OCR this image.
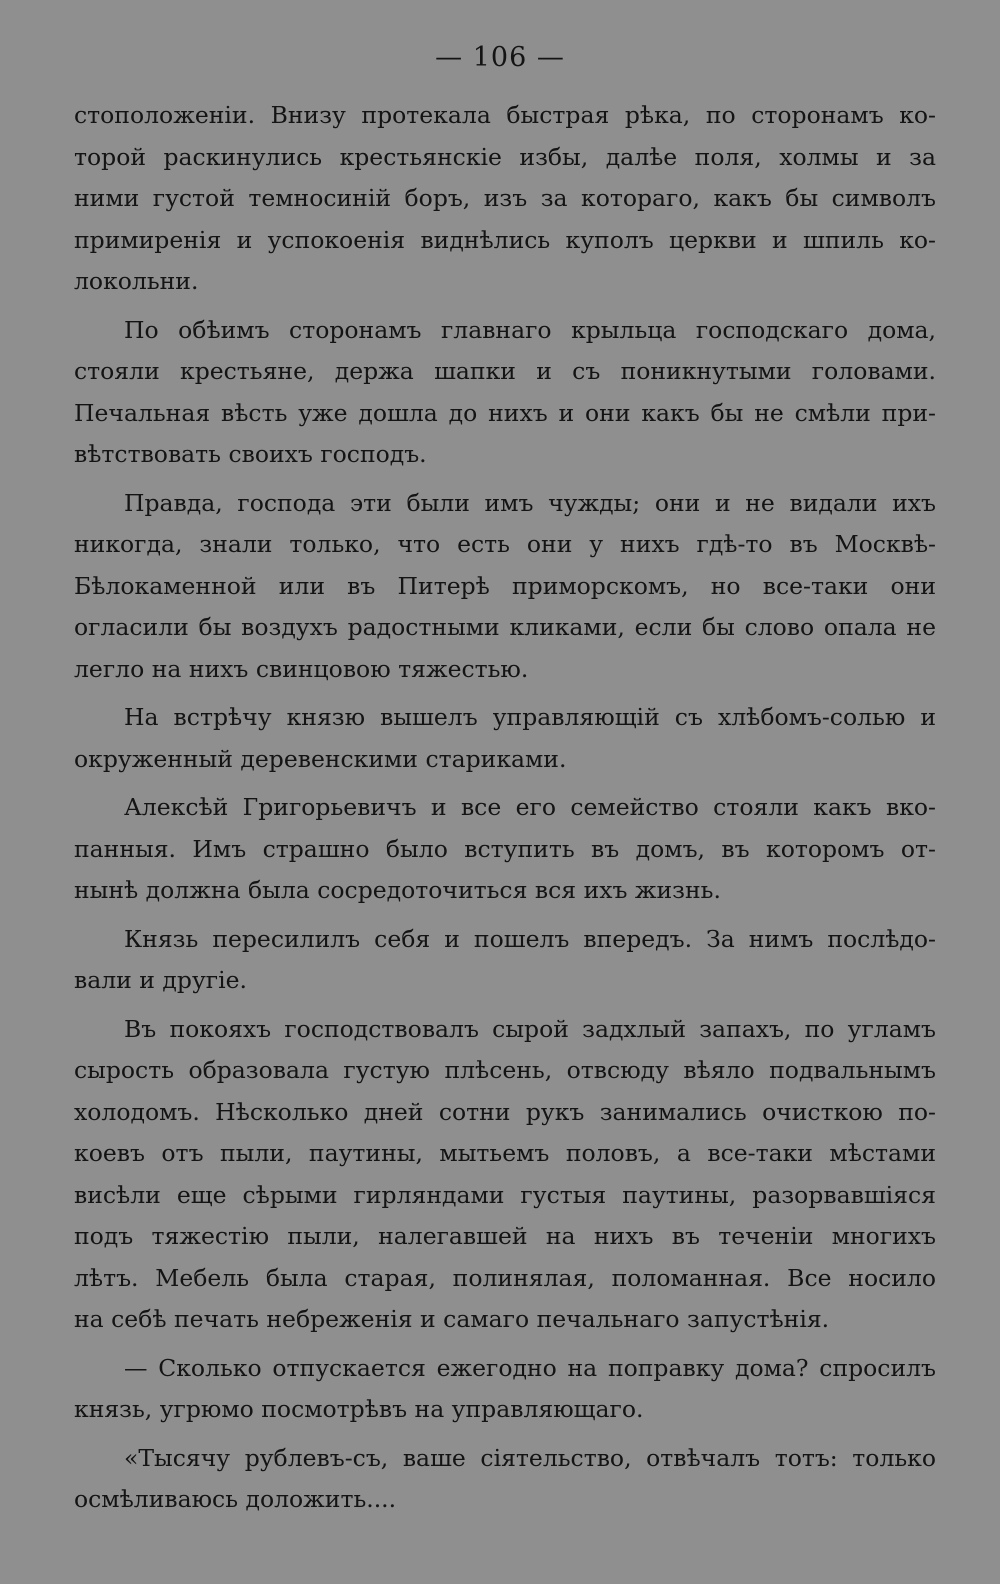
— 106 —
стоположенiи. Внизу протекала быстрая рѣка, по сторонамъ ко-
торой раскинулись крестьянскiе избы, далѣе поля, холмы и за
ними густой темносинiй боръ, изъ за котораго, какъ бы символъ
примиренiя и успокоенiя виднѣлись куполъ церкви и шпиль ко-
локольни.
По обѣимъ сторонамъ главнаго крыльца господскаго дома,
стояли крестьяне, держа шапки и съ поникнутыми головами.
Печальная вѣсть уже дошла до нихъ и они какъ бы не смѣли при-
вѣтствовать своихъ господъ.
Правда, господа эти были имъ чужды; они и не видали ихъ
никогда, знали только, что есть они у нихъ гдѣ-то въ Москвѣ-
Бѣлокаменной или въ Питерѣ приморскомъ, но все-таки они
огласили бы воздухъ радостными кликами, если бы слово опала не
легло на нихъ свинцовою тяжестью.
На встрѣчу князю вышелъ управляющiй съ хлѣбомъ-солью и
окруженный деревенскими стариками.
Алексѣй Григорьевичъ и все его семейство стояли какъ вко-
панныя. Имъ страшно было вступить въ домъ, въ которомъ от-
нынѣ должна была сосредоточиться вся ихъ жизнь.
Князь пересилилъ себя и пошелъ впередъ. За нимъ послѣдо-
вали и другiе.
Въ покояхъ господствовалъ сырой задхлый запахъ, по угламъ
сырость образовала густую плѣсень, отвсюду вѣяло подвальнымъ
холодомъ. Нѣсколько дней сотни рукъ занимались очисткою по-
коевъ отъ пыли, паутины, мытьемъ половъ, а все-таки мѣстами
висѣли еще сѣрыми гирляндами густыя паутины, разорвавшiяся
подъ тяжестiю пыли, налегавшей на нихъ въ теченiи многихъ
лѣтъ. Мебель была старая, полинялая, поломанная. Все носило
на себѣ печать небреженiя и самаго печальнаго запустѣнiя.
— Сколько отпускается ежегодно на поправку дома? спросилъ
князь, угрюмо посмотрѣвъ на управляющаго.
«Тысячу рублевъ-съ, ваше сiятельство, отвѣчалъ тотъ: только
осмѣливаюсь доложить....
